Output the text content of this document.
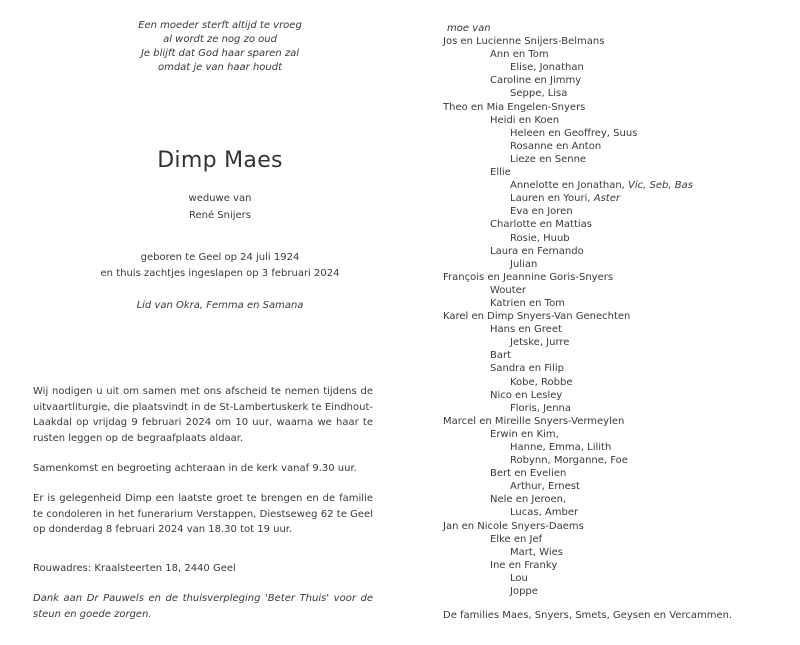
Een moeder sterft altijd te vroeg
al wordt ze nog zo oud
Je blijft dat God haar sparen zal
omdat je van haar houdt
Dimp Maes
weduwe van
René Snijers
geboren te Geel op 24 juli 1924
en thuis zachtjes ingeslapen op 3 februari 2024
Lid van Okra, Femma en Samana
Wij nodigen u uit om samen met ons afscheid te nemen tijdens de uitvaartliturgie, die plaatsvindt in de St-Lambertuskerk te Eindhout-Laakdal op vrijdag 9 februari 2024 om 10 uur, waarna we haar te rusten leggen op de begraafplaats aldaar.
Samenkomst en begroeting achteraan in de kerk vanaf 9.30 uur.
Er is gelegenheid Dimp een laatste groet te brengen en de familie te condoleren in het funerarium Verstappen, Diestseweg 62 te Geel op donderdag 8 februari 2024 van 18.30 tot 19 uur.
Rouwadres: Kraalsteerten 18, 2440 Geel
Dank aan Dr Pauwels en de thuisverpleging 'Beter Thuis' voor de steun en goede zorgen.
moe van
Jos en Lucienne Snijers-Belmans
Ann en Tom
Elise, Jonathan
Caroline en Jimmy
Seppe, Lisa
Theo en Mia Engelen-Snyers
Heidi en Koen
Heleen en Geoffrey, Suus
Rosanne en Anton
Lieze en Senne
Ellie
Annelotte en Jonathan, Vic, Seb, Bas
Lauren en Youri, Aster
Eva en Joren
Charlotte en Mattias
Rosie, Huub
Laura en Fernando
Julian
François en Jeannine Goris-Snyers
Wouter
Katrien en Tom
Karel en Dimp Snyers-Van Genechten
Hans en Greet
Jetske, Jurre
Bart
Sandra en Filip
Kobe, Robbe
Nico en Lesley
Floris, Jenna
Marcel en Mireille Snyers-Vermeylen
Erwin en Kim,
Hanne, Emma, Lilith
Robynn, Morganne, Foe
Bert en Evelien
Arthur, Ernest
Nele en Jeroen,
Lucas, Amber
Jan en Nicole Snyers-Daems
Elke en Jef
Mart, Wies
Ine en Franky
Lou
Joppe
De families Maes, Snyers, Smets, Geysen en Vercammen.
